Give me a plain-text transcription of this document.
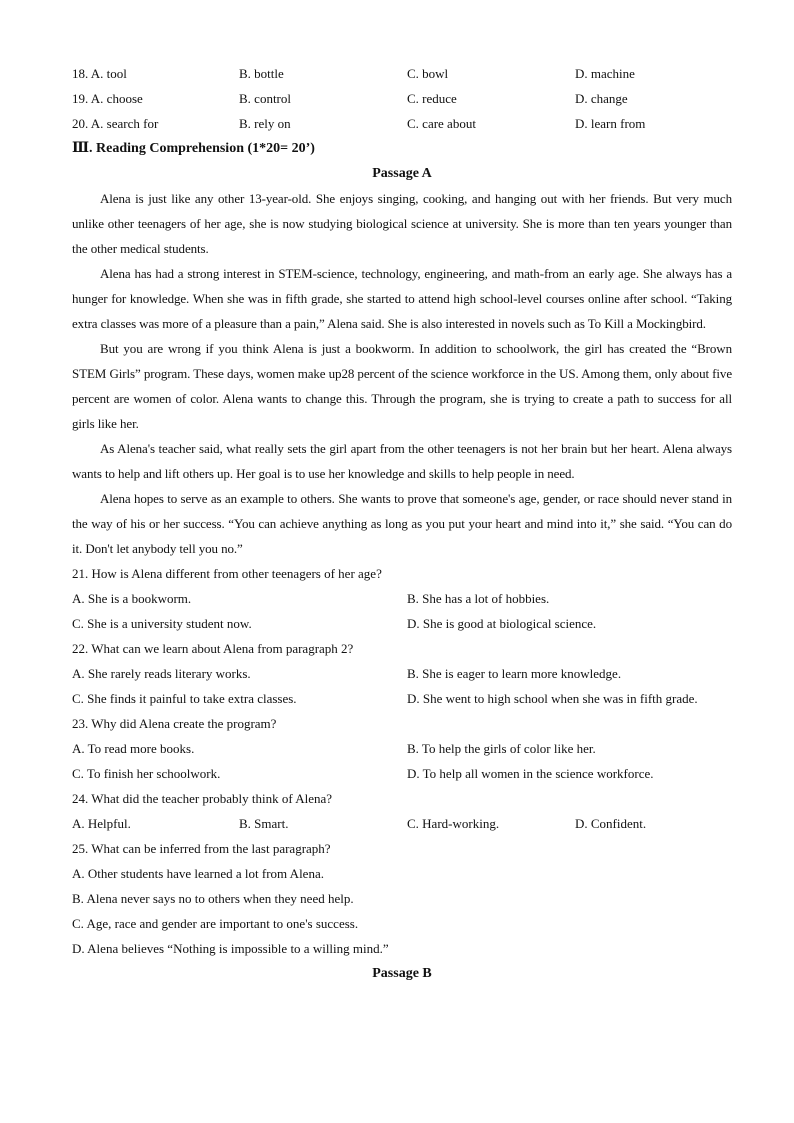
18. A. tool	B. bottle	C. bowl	D. machine
19. A. choose	B. control	C. reduce	D. change
20. A. search for	B. rely on	C. care about	D. learn from
Ⅲ. Reading Comprehension (1*20= 20’)
Passage A

Alena is just like any other 13-year-old. She enjoys singing, cooking, and hanging out with her friends. But very much unlike other teenagers of her age, she is now studying biological science at university. She is more than ten years younger than the other medical students.

Alena has had a strong interest in STEM-science, technology, engineering, and math-from an early age. She always has a hunger for knowledge. When she was in fifth grade, she started to attend high school-level courses online after school. “Taking extra classes was more of a pleasure than a pain,” Alena said. She is also interested in novels such as To Kill a Mockingbird.

But you are wrong if you think Alena is just a bookworm. In addition to schoolwork, the girl has created the “Brown STEM Girls” program. These days, women make up28 percent of the science workforce in the US. Among them, only about five percent are women of color. Alena wants to change this. Through the program, she is trying to create a path to success for all girls like her.

As Alena's teacher said, what really sets the girl apart from the other teenagers is not her brain but her heart. Alena always wants to help and lift others up. Her goal is to use her knowledge and skills to help people in need.

Alena hopes to serve as an example to others. She wants to prove that someone's age, gender, or race should never stand in the way of his or her success. “You can achieve anything as long as you put your heart and mind into it,” she said. “You can do it. Don't let anybody tell you no.”

21. How is Alena different from other teenagers of her age?
A. She is a bookworm.	B. She has a lot of hobbies.
C. She is a university student now.	D. She is good at biological science.
22. What can we learn about Alena from paragraph 2?
A. She rarely reads literary works.	B. She is eager to learn more knowledge.
C. She finds it painful to take extra classes.	D. She went to high school when she was in fifth grade.
23. Why did Alena create the program?
A. To read more books.	B. To help the girls of color like her.
C. To finish her schoolwork.	D. To help all women in the science workforce.
24. What did the teacher probably think of Alena?
A. Helpful.	B. Smart.	C. Hard-working.	D. Confident.
25. What can be inferred from the last paragraph?
A. Other students have learned a lot from Alena.
B. Alena never says no to others when they need help.
C. Age, race and gender are important to one's success.
D. Alena believes “Nothing is impossible to a willing mind.”
Passage B
